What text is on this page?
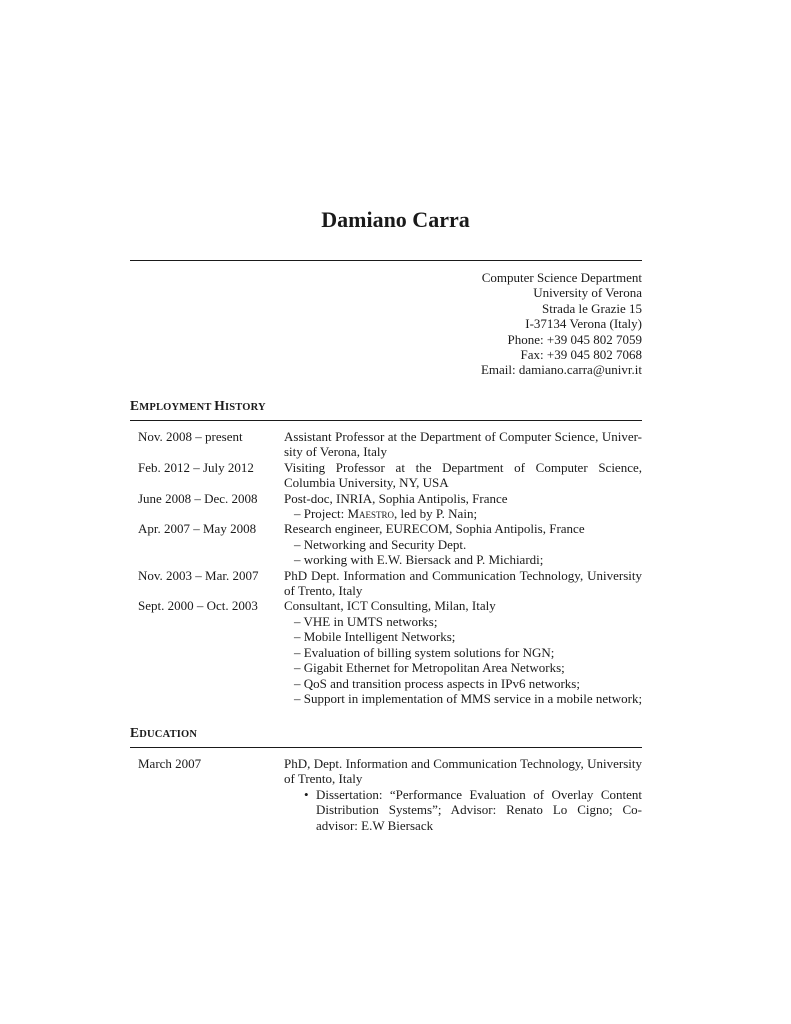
Damiano Carra
Computer Science Department
University of Verona
Strada le Grazie 15
I-37134 Verona (Italy)
Phone: +39 045 802 7059
Fax: +39 045 802 7068
Email: damiano.carra@univr.it
EMPLOYMENT HISTORY
Nov. 2008 – present	Assistant Professor at the Department of Computer Science, Univer- sity of Verona, Italy
Feb. 2012 – July 2012	Visiting Professor at the Department of Computer Science, Columbia University, NY, USA
June 2008 – Dec. 2008	Post-doc, INRIA, Sophia Antipolis, France
– Project: Maestro, led by P. Nain;
Apr. 2007 – May 2008	Research engineer, EURECOM, Sophia Antipolis, France
– Networking and Security Dept.
– working with E.W. Biersack and P. Michiardi;
Nov. 2003 – Mar. 2007	PhD Dept. Information and Communication Technology, University of Trento, Italy
Sept. 2000 – Oct. 2003	Consultant, ICT Consulting, Milan, Italy
– VHE in UMTS networks;
– Mobile Intelligent Networks;
– Evaluation of billing system solutions for NGN;
– Gigabit Ethernet for Metropolitan Area Networks;
– QoS and transition process aspects in IPv6 networks;
– Support in implementation of MMS service in a mobile network;
EDUCATION
March 2007	PhD, Dept. Information and Communication Technology, University of Trento, Italy
• Dissertation: “Performance Evaluation of Overlay Content Distribution Systems”; Advisor: Renato Lo Cigno; Co- advisor: E.W Biersack
